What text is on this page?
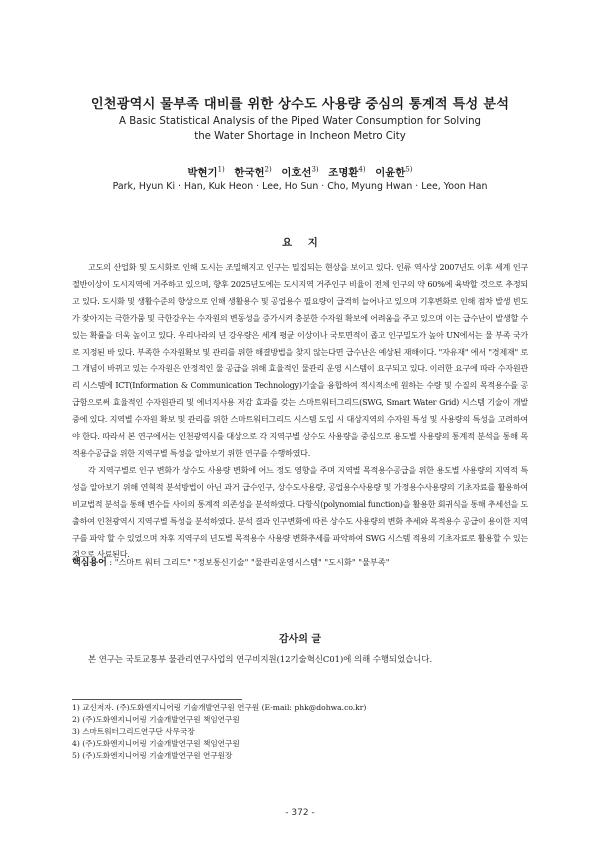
인천광역시 물부족 대비를 위한 상수도 사용량 중심의 통계적 특성 분석
A Basic Statistical Analysis of the Piped Water Consumption for Solving
the Water Shortage in Incheon Metro City
박현기$^{1)}$ 한국헌$^{2)}$ 이호선$^{3)}$ 조명환$^{4)}$ 이윤한$^{5)}$
Park, Hyun Ki · Han, Kuk Heon · Lee, Ho Sun · Cho, Myung Hwan · Lee, Yoon Han
요 지

고도의 산업화 및 도시화로 인해 도시는 조밀해지고 인구는 밀집되는 현상을 보이고 있다. 인류 역사상 2007년도 이후 세계 인구 절반이상이 도시지역에 거주하고 있으며, 향후 2025년도에는 도시지역 거주인구 비율이 전체 인구의 약 60%에 육박할 것으로 추정되고 있다. 도시화 및 생활수준의 향상으로 인해 생활용수 및 공업용수 필요량이 급격히 늘어나고 있으며 기후변화로 인해 점차 발생 빈도가 잦아지는 극한가뭄 및 극한강우는 수자원의 변동성을 증가시켜 충분한 수자원 확보에 어려움을 주고 있으며 이는 급수난이 발생할 수 있는 확률을 더욱 높이고 있다. 우리나라의 년 강우량은 세계 평균 이상이나 국토면적이 좁고 인구밀도가 높아 UN에서는 물 부족 국가로 지정된 바 있다. 부족한 수자원확보 및 관리를 위한 해결방법을 찾지 않는다면 급수난은 예상된 재해이다. "자유재" 에서 "경제재" 로 그 개념이 바뀌고 있는 수자원은 안정적인 물 공급을 위해 효율적인 물관리 운영 시스템이 요구되고 있다. 이러한 요구에 따라 수자원관리 시스템에 ICT(Information & Communication Technology)기술을 융합하여 적시적소에 원하는 수량 및 수질의 목적용수를 공급함으로써 효율적인 수자원관리 및 에너지사용 저감 효과를 갖는 스마트워터그리드(SWG, Smart Water Grid) 시스템 기술이 개발 중에 있다. 지역별 수자원 확보 및 관리를 위한 스마트워터그리드 시스템 도입 시 대상지역의 수자원 특성 및 사용량의 특성을 고려하여야 한다. 따라서 본 연구에서는 인천광역시를 대상으로 각 지역구별 상수도 사용량을 중심으로 용도별 사용량의 통계적 분석을 통해 목적용수공급을 위한 지역구별 특성을 알아보기 위한 연구를 수행하였다.

각 지역구별로 인구 변화가 상수도 사용량 변화에 어느 정도 영향을 주며 지역별 목적용수공급을 위한 용도별 사용량의 지역적 특성을 알아보기 위해 연혁적 분석방법이 아닌 과거 급수인구, 상수도사용량, 공업용수사용량 및 가정용수사용량의 기초자료를 활용하여 비교법적 분석을 통해 변수들 사이의 통계적 의존성을 분석하였다. 다항식(polynomial function)을 활용한 회귀식을 통해 추세선을 도출하여 인천광역시 지역구별 특성을 분석하였다. 분석 결과 인구변화에 따른 상수도 사용량의 변화 추세와 목적용수 공급이 용이한 지역구를 파악 할 수 있었으며 차후 지역구의 년도별 목적용수 사용량 변화추세를 파악하여 SWG 시스템 적용의 기초자료로 활용할 수 있는 것으로 사료된다.

핵심용어 : "스마트 워터 그리드" "정보통신기술" "물관리운영시스템" "도시화" "물부족"
감사의 글

본 연구는 국토교통부 물관리연구사업의 연구비지원(12기술혁신C01)에 의해 수행되었습니다.

1) 교신저자. (주)도화엔지니어링 기술개발연구원 연구원 (E-mail: phk@dohwa.co.kr)
2) (주)도화엔지니어링 기술개발연구원 책임연구원
3) 스마트워터그리드연구단 사무국장
4) (주)도화엔지니어링 기술개발연구원 책임연구원
5) (주)도화엔지니어링 기술개발연구원 연구원장
- 372 -
